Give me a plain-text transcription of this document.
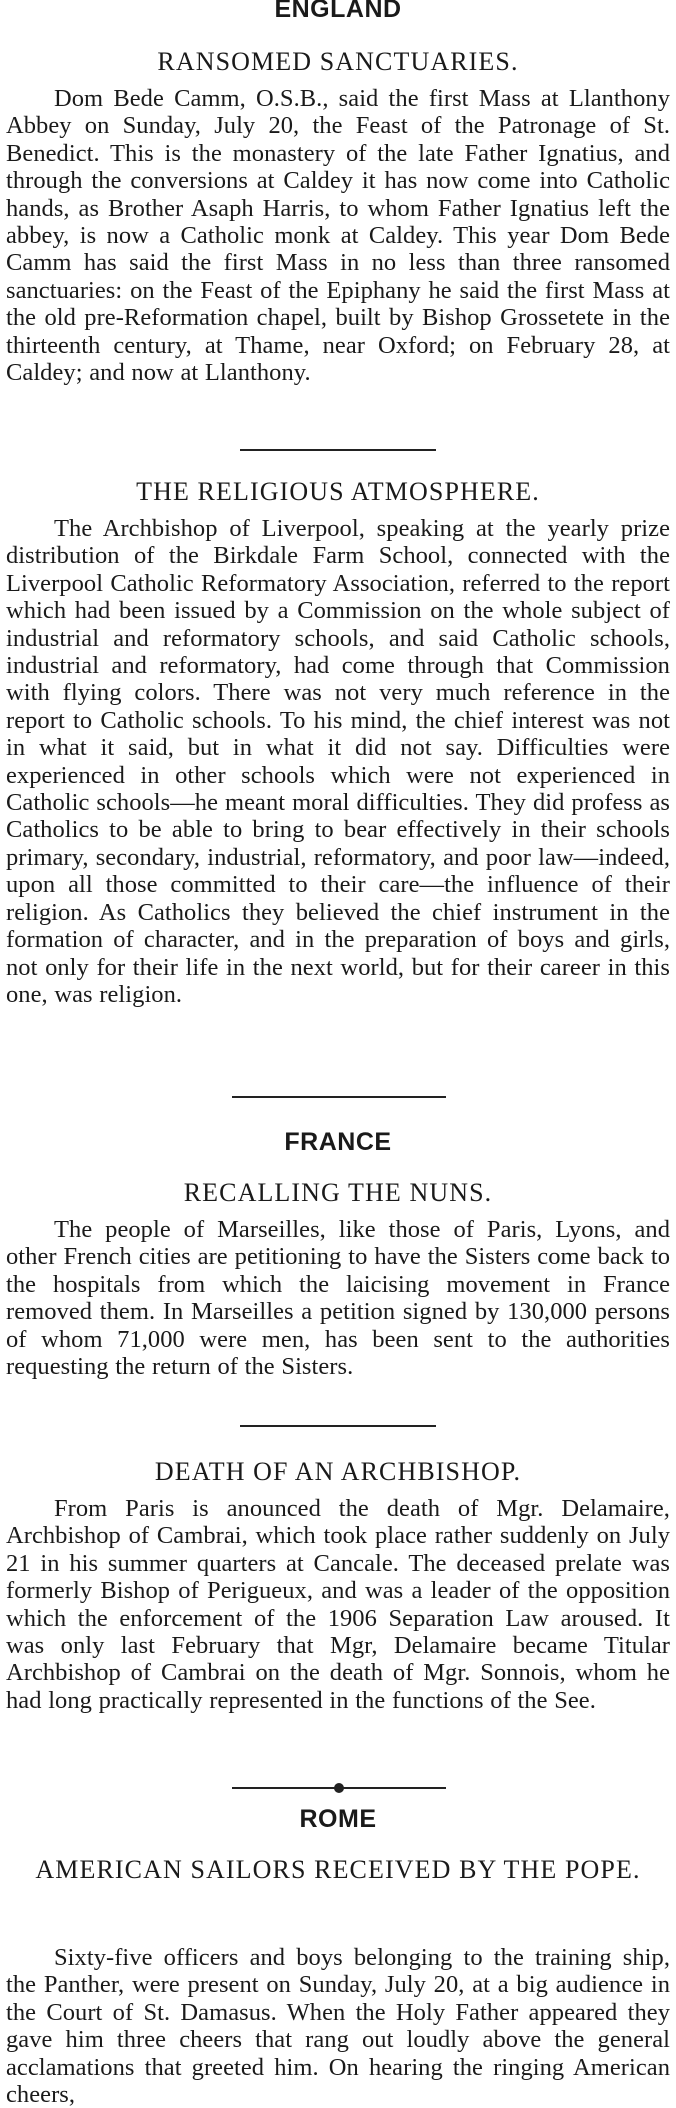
ENGLAND
RANSOMED SANCTUARIES.

Dom Bede Camm, O.S.B., said the first Mass at Llanthony Abbey on Sunday, July 20, the Feast of the Patronage of St. Benedict. This is the monastery of the late Father Ignatius, and through the conversions at Caldey it has now come into Catholic hands, as Brother Asaph Harris, to whom Father Ignatius left the abbey, is now a Catholic monk at Caldey. This year Dom Bede Camm has said the first Mass in no less than three ransomed sanctuaries: on the Feast of the Epiphany he said the first Mass at the old pre-Reformation chapel, built by Bishop Grossetete in the thirteenth century, at Thame, near Oxford; on February 28, at Caldey; and now at Llanthony.

THE RELIGIOUS ATMOSPHERE.

The Archbishop of Liverpool, speaking at the yearly prize distribution of the Birkdale Farm School, connected with the Liverpool Catholic Reformatory Association, referred to the report which had been issued by a Commission on the whole subject of industrial and reformatory schools, and said Catholic schools, industrial and reformatory, had come through that Commission with flying colors. There was not very much reference in the report to Catholic schools. To his mind, the chief interest was not in what it said, but in what it did not say. Difficulties were experienced in other schools which were not experienced in Catholic schools—he meant moral difficulties. They did profess as Catholics to be able to bring to bear effectively in their schools primary, secondary, industrial, reformatory, and poor law—indeed, upon all those committed to their care—the influence of their religion. As Catholics they believed the chief instrument in the formation of character, and in the preparation of boys and girls, not only for their life in the next world, but for their career in this one, was religion.

FRANCE
RECALLING THE NUNS.

The people of Marseilles, like those of Paris, Lyons, and other French cities are petitioning to have the Sisters come back to the hospitals from which the laicising movement in France removed them. In Marseilles a petition signed by 130,000 persons of whom 71,000 were men, has been sent to the authorities requesting the return of the Sisters.

DEATH OF AN ARCHBISHOP.

From Paris is anounced the death of Mgr. Delamaire, Archbishop of Cambrai, which took place rather suddenly on July 21 in his summer quarters at Cancale. The deceased prelate was formerly Bishop of Perigueux, and was a leader of the opposition which the enforcement of the 1906 Separation Law aroused. It was only last February that Mgr, Delamaire became Titular Archbishop of Cambrai on the death of Mgr. Sonnois, whom he had long practically represented in the functions of the See.

ROME
AMERICAN SAILORS RECEIVED BY THE POPE.

Sixty-five officers and boys belonging to the training ship, the Panther, were present on Sunday, July 20, at a big audience in the Court of St. Damasus. When the Holy Father appeared they gave him three cheers that rang out loudly above the general acclamations that greeted him. On hearing the ringing American cheers,
